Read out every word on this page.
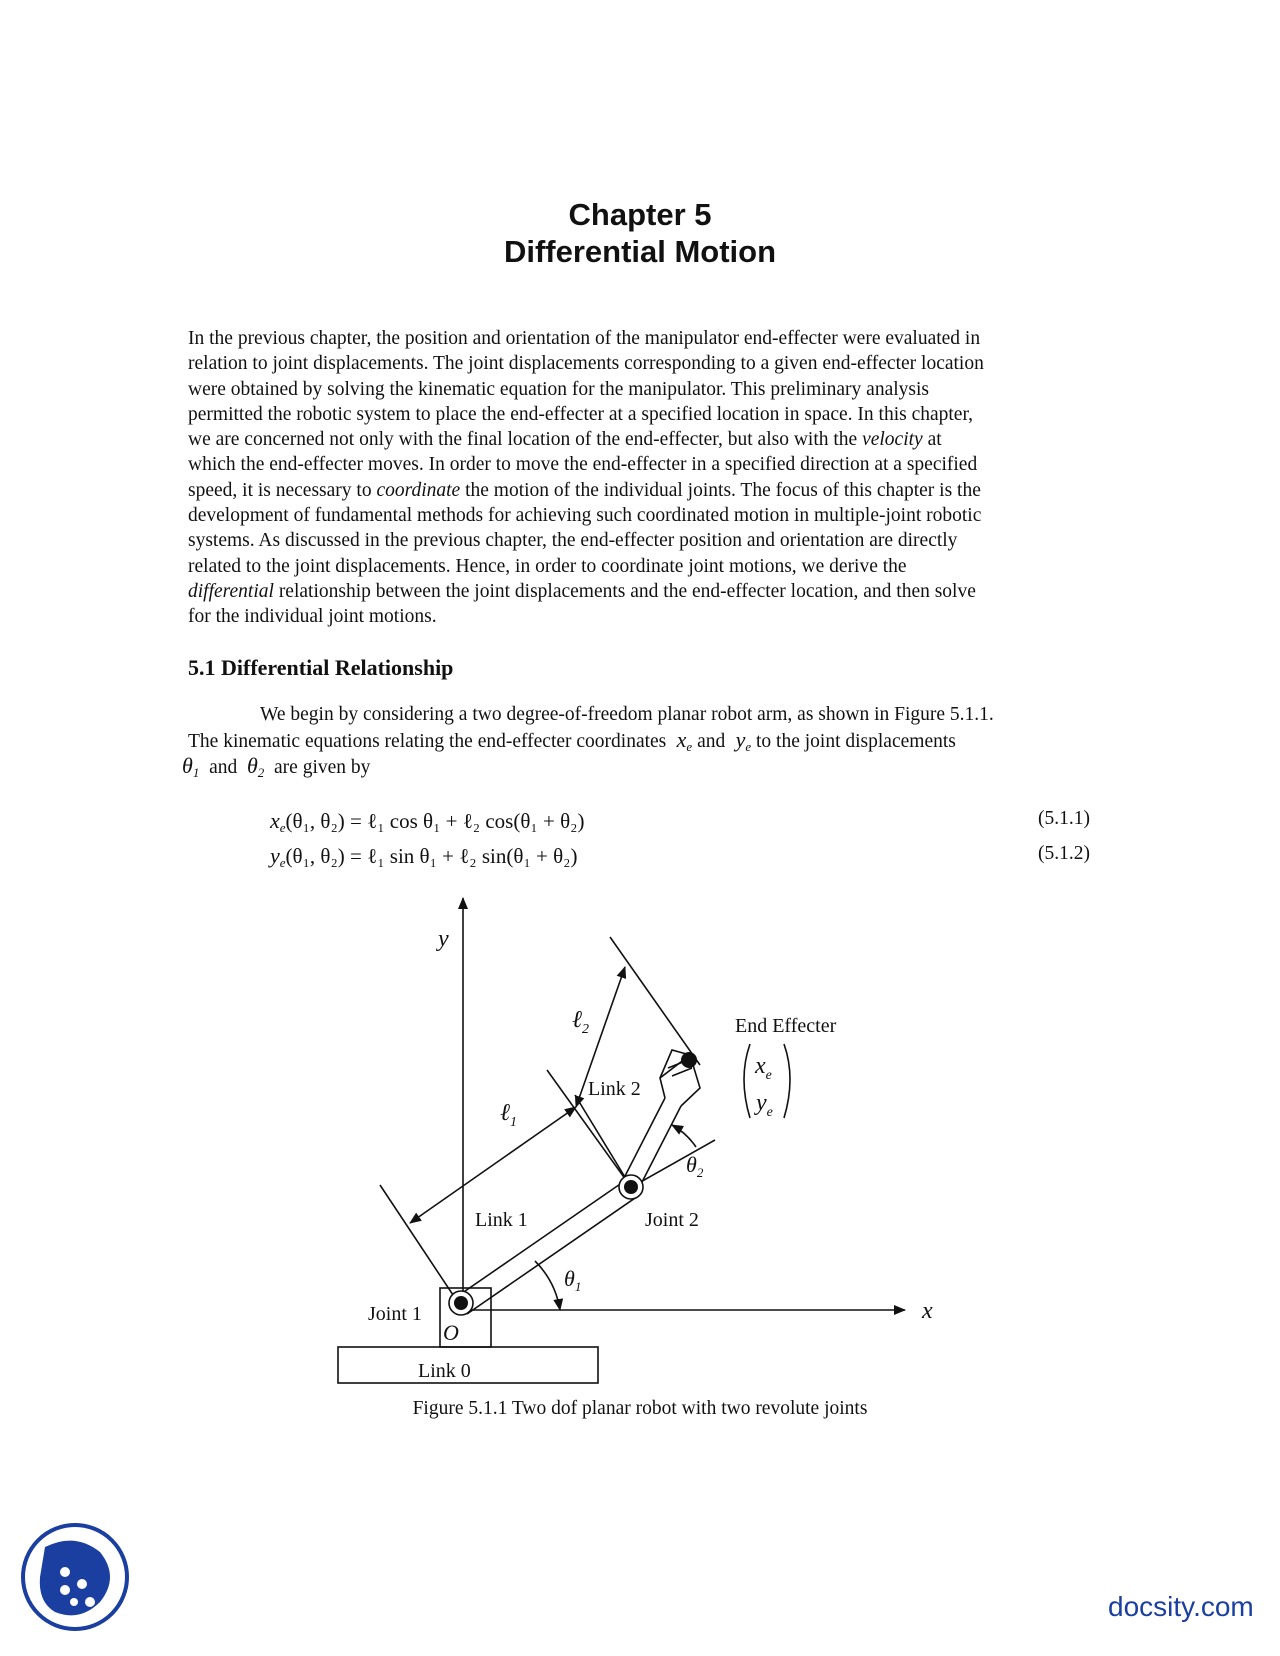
Chapter 5
Differential Motion
In the previous chapter, the position and orientation of the manipulator end-effecter were evaluated in
relation to joint displacements. The joint displacements corresponding to a given end-effecter location
were obtained by solving the kinematic equation for the manipulator. This preliminary analysis
permitted the robotic system to place the end-effecter at a specified location in space. In this chapter,
we are concerned not only with the final location of the end-effecter, but also with the velocity at
which the end-effecter moves. In order to move the end-effecter in a specified direction at a specified
speed, it is necessary to coordinate the motion of the individual joints. The focus of this chapter is the
development of fundamental methods for achieving such coordinated motion in multiple-joint robotic
systems. As discussed in the previous chapter, the end-effecter position and orientation are directly
related to the joint displacements. Hence, in order to coordinate joint motions, we derive the
differential relationship between the joint displacements and the end-effecter location, and then solve
for the individual joint motions.
5.1 Differential Relationship
We begin by considering a two degree-of-freedom planar robot arm, as shown in Figure 5.1.1.
The kinematic equations relating the end-effecter coordinates $x_e$ and $y_e$ to the joint displacements
$\theta_1$ and $\theta_2$ are given by
$x_e(\theta_1$, θ₂) = ℓ₁ cos θ₁ + ℓ₂ cos(θ₁ + θ₂)	(5.1.1)
$y_e(\theta_1$, θ₂) = ℓ₁ sin θ₁ + ℓ₂ sin(θ₁ + θ₂)	(5.1.2)
y
x
O
Link 0
Link 1
Link 2
Joint 1
Joint 2
End Effecter
ℓ$_1$
ℓ$_2$
$\theta_1$
$\theta_2$
$x_e$
$y_e$
Figure 5.1.1 Two dof planar robot with two revolute joints
docsity.com
